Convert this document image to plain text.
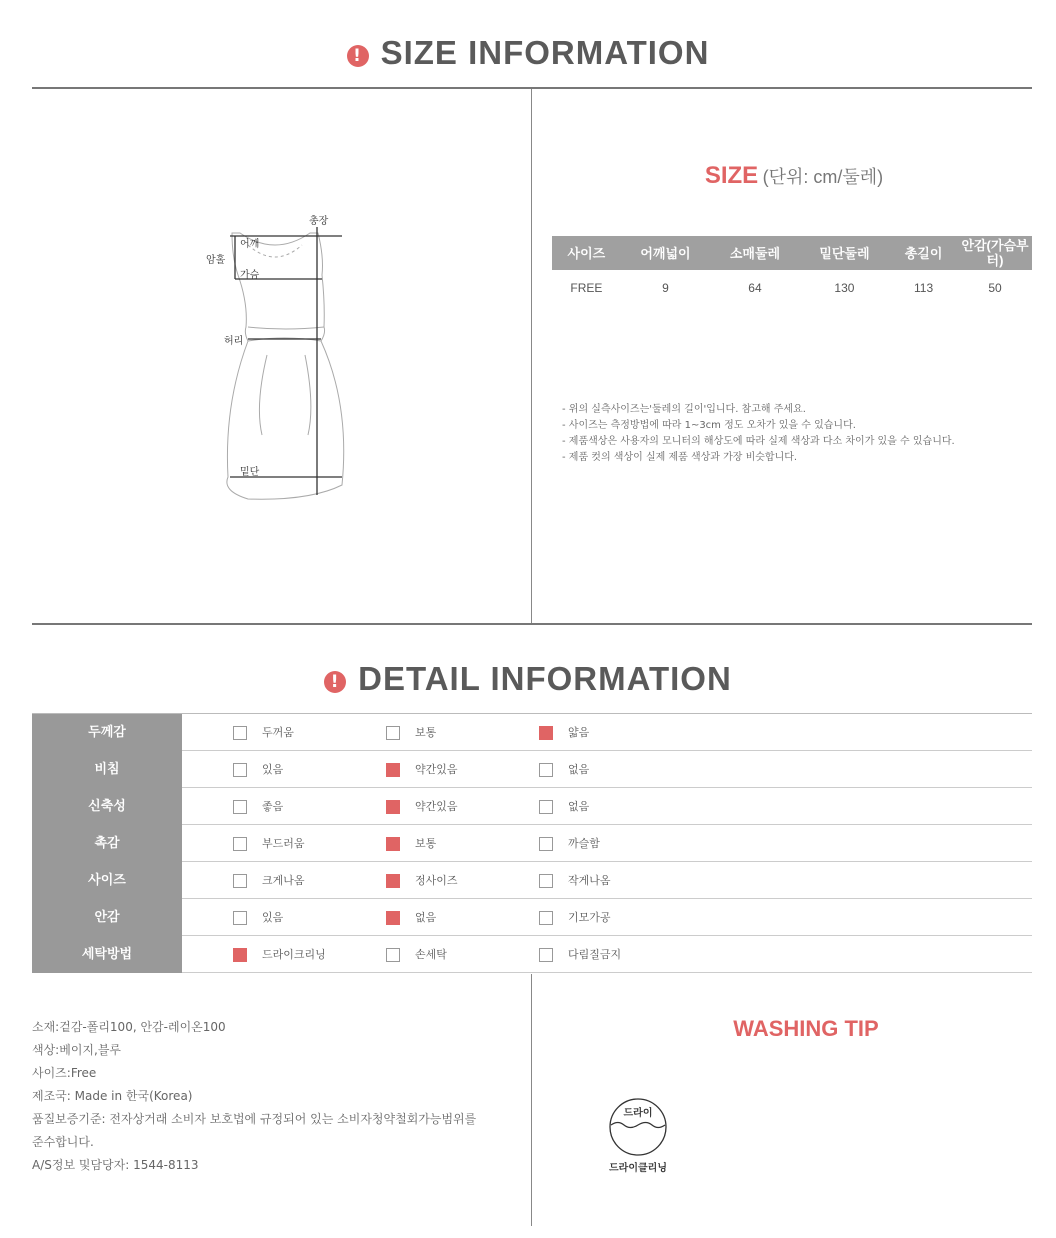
! SIZE INFORMATION
총장
어깨
암홀
가슴
허리
밑단
SIZE (단위: cm/둘레)
사이즈	어깨넓이	소매둘레	밑단둘레	총길이	안감(가슴부터)
FREE	9	64	130	113	50
- 위의 실측사이즈는'둘레의 길이'입니다. 참고해 주세요.
- 사이즈는 측정방법에 따라 1~3cm 정도 오차가 있을 수 있습니다.
- 제품색상은 사용자의 모니터의 해상도에 따라 실제 색상과 다소 차이가 있을 수 있습니다.
- 제품 컷의 색상이 실제 제품 색상과 가장 비슷합니다.
! DETAIL INFORMATION
두께감	두꺼움	보통	얇음
비침	있음	약간있음	없음
신축성	좋음	약간있음	없음
촉감	부드러움	보통	까슬함
사이즈	크게나옴	정사이즈	작게나옴
안감	있음	없음	기모가공
세탁방법	드라이크리닝	손세탁	다림질금지
소재:겉감-폴리100, 안감-레이온100
색상:베이지,블루
사이즈:Free
제조국: Made in 한국(Korea)
품질보증기준: 전자상거래 소비자 보호법에 규정되어 있는 소비자청약철회가능범위를
준수합니다.
A/S정보 및담당자: 1544-8113
WASHING TIP
드라이
드라이클리닝
